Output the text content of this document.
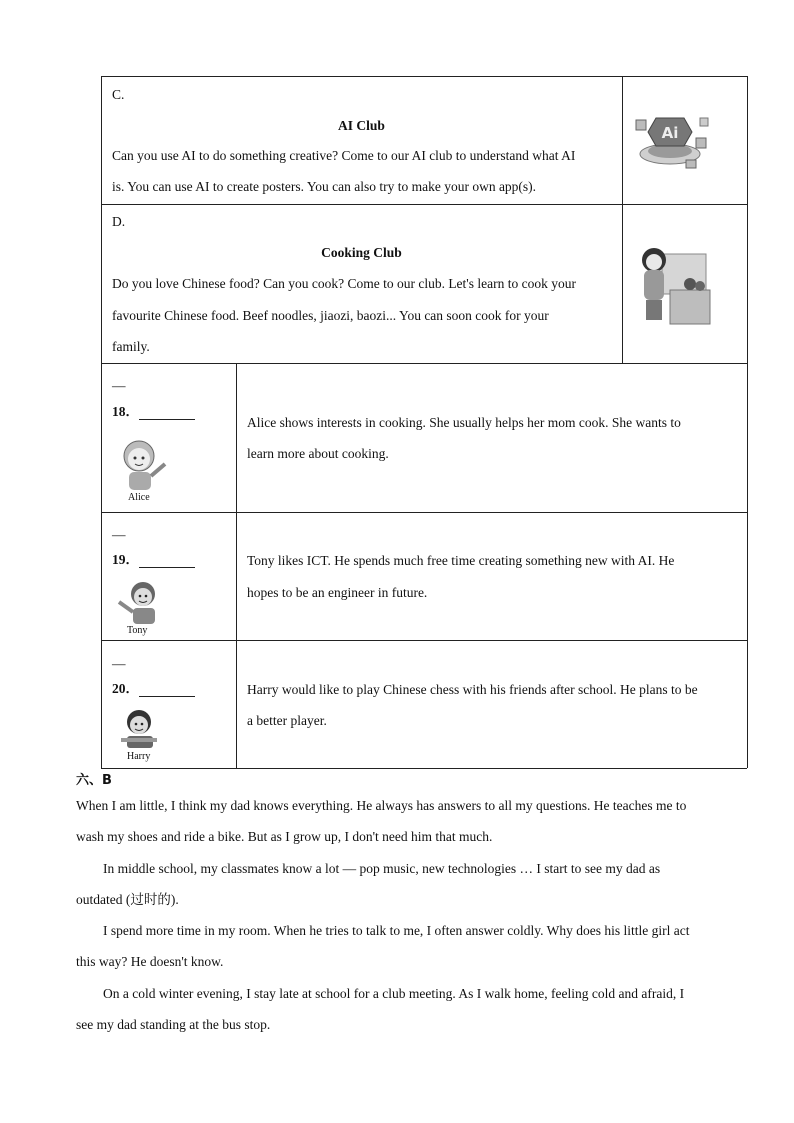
C.
AI Club
Can you use AI to do something creative? Come to our AI club to understand what AI
is. You can use AI to create posters. You can also try to make your own app(s).
Ai
D.
Cooking Club
Do you love Chinese food? Can you cook? Come to our club. Let's learn to cook your
favourite Chinese food. Beef noodles, jiaozi, baozi... You can soon cook for your
family.
—
18．
Alice
Alice shows interests in cooking. She usually helps her mom cook. She wants to
learn more about cooking.
—
19．
Tony
Tony likes ICT. He spends much free time creating something new with AI. He
hopes to be an engineer in future.
—
20．
Harry
Harry would like to play Chinese chess with his friends after school. He plans to be
a better player.
六、B
When I am little, I think my dad knows everything. He always has answers to all my questions. He teaches me to
wash my shoes and ride a bike. But as I grow up, I don't need him that much.
In middle school, my classmates know a lot — pop music, new technologies … I start to see my dad as
outdated (过时的).
I spend more time in my room. When he tries to talk to me, I often answer coldly. Why does his little girl act
this way? He doesn't know.
On a cold winter evening, I stay late at school for a club meeting. As I walk home, feeling cold and afraid, I
see my dad standing at the bus stop.
